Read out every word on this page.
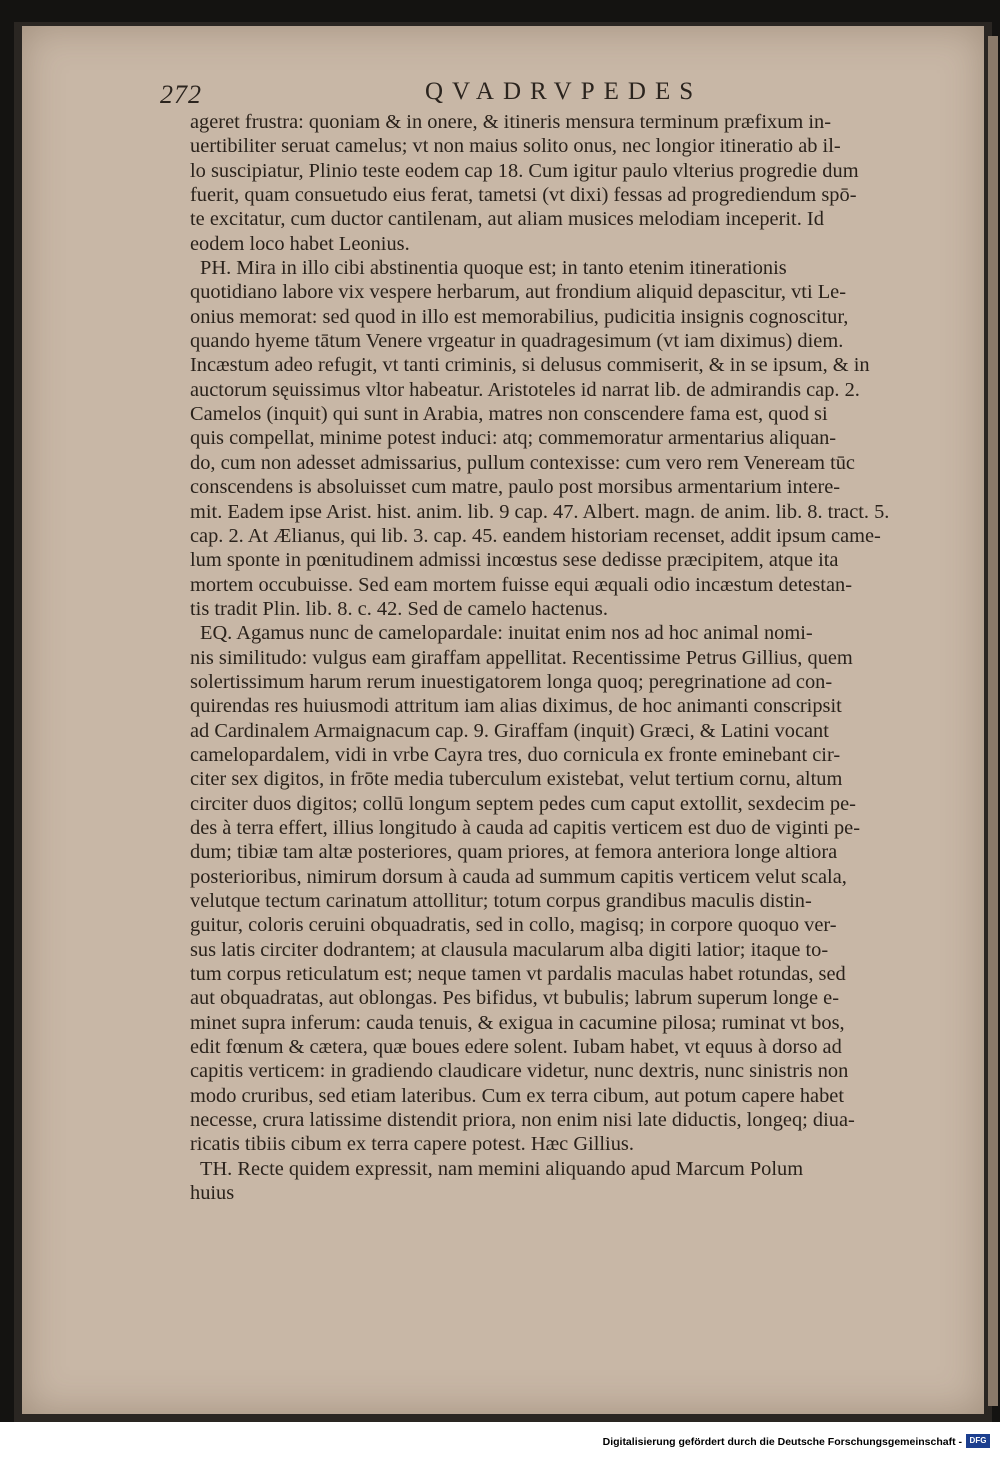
272	QVADRVPEDES
ageret frustra: quoniam & in onere, & itineris mensura terminum præfixum in-
uertibiliter seruat camelus; vt non maius solito onus, nec longior itineratio ab il-
lo suscipiatur, Plinio teste eodem cap 18. Cum igitur paulo vlterius progredie dum
fuerit, quam consuetudo eius ferat, tametsi (vt dixi) fessas ad progrediendum spō-
te excitatur, cum ductor cantilenam, aut aliam musices melodiam inceperit. Id
eodem loco habet Leonius.
PH. Mira in illo cibi abstinentia quoque est; in tanto etenim itinerationis
quotidiano labore vix vespere herbarum, aut frondium aliquid depascitur, vti Le-
onius memorat: sed quod in illo est memorabilius, pudicitia insignis cognoscitur,
quando hyeme tātum Venere vrgeatur in quadragesimum (vt iam diximus) diem.
Incæstum adeo refugit, vt tanti criminis, si delusus commiserit, & in se ipsum, & in
auctorum sęuissimus vltor habeatur. Aristoteles id narrat lib. de admirandis cap. 2.
Camelos (inquit) qui sunt in Arabia, matres non conscendere fama est, quod si
quis compellat, minime potest induci: atq; commemoratur armentarius aliquan-
do, cum non adesset admissarius, pullum contexisse: cum vero rem Veneream tūc
conscendens is absoluisset cum matre, paulo post morsibus armentarium intere-
mit. Eadem ipse Arist. hist. anim. lib. 9 cap. 47. Albert. magn. de anim. lib. 8. tract. 5.
cap. 2. At Ælianus, qui lib. 3. cap. 45. eandem historiam recenset, addit ipsum came-
lum sponte in pœnitudinem admissi incœstus sese dedisse præcipitem, atque ita
mortem occubuisse. Sed eam mortem fuisse equi æquali odio incæstum detestan-
tis tradit Plin. lib. 8. c. 42. Sed de camelo hactenus.
EQ. Agamus nunc de camelopardale: inuitat enim nos ad hoc animal nomi-
nis similitudo: vulgus eam giraffam appellitat. Recentissime Petrus Gillius, quem
solertissimum harum rerum inuestigatorem longa quoq; peregrinatione ad con-
quirendas res huiusmodi attritum iam alias diximus, de hoc animanti conscripsit
ad Cardinalem Armaignacum cap. 9. Giraffam (inquit) Græci, & Latini vocant
camelopardalem, vidi in vrbe Cayra tres, duo cornicula ex fronte eminebant cir-
citer sex digitos, in frōte media tuberculum existebat, velut tertium cornu, altum
circiter duos digitos; collū longum septem pedes cum caput extollit, sexdecim pe-
des à terra effert, illius longitudo à cauda ad capitis verticem est duo de viginti pe-
dum; tibiæ tam altæ posteriores, quam priores, at femora anteriora longe altiora
posterioribus, nimirum dorsum à cauda ad summum capitis verticem velut scala,
velutque tectum carinatum attollitur; totum corpus grandibus maculis distin-
guitur, coloris ceruini obquadratis, sed in collo, magisq; in corpore quoquo ver-
sus latis circiter dodrantem; at clausula macularum alba digiti latior; itaque to-
tum corpus reticulatum est; neque tamen vt pardalis maculas habet rotundas, sed
aut obquadratas, aut oblongas. Pes bifidus, vt bubulis; labrum superum longe e-
minet supra inferum: cauda tenuis, & exigua in cacumine pilosa; ruminat vt bos,
edit fœnum & cætera, quæ boues edere solent. Iubam habet, vt equus à dorso ad
capitis verticem: in gradiendo claudicare videtur, nunc dextris, nunc sinistris non
modo cruribus, sed etiam lateribus. Cum ex terra cibum, aut potum capere habet
necesse, crura latissime distendit priora, non enim nisi late diductis, longeq; diua-
ricatis tibiis cibum ex terra capere potest. Hæc Gillius.
TH. Recte quidem expressit, nam memini aliquando apud Marcum Polum
huius
Digitalisierung gefördert durch die Deutsche Forschungsgemeinschaft - DFG
